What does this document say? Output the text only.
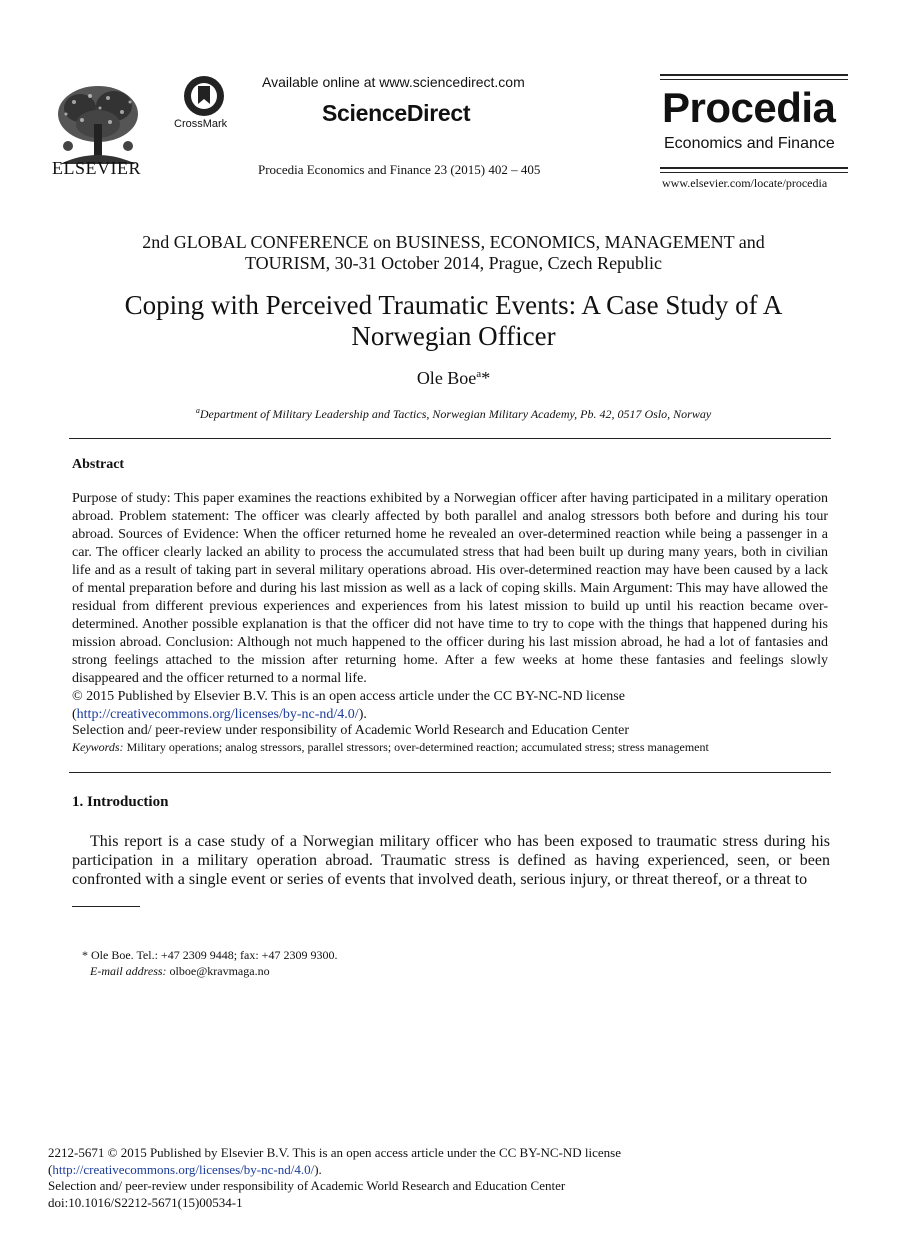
ELSEVIER
CrossMark
Available online at www.sciencedirect.com
ScienceDirect
Procedia Economics and Finance 23 (2015) 402 – 405
Procedia
Economics and Finance
www.elsevier.com/locate/procedia
2nd GLOBAL CONFERENCE on BUSINESS, ECONOMICS, MANAGEMENT and
TOURISM, 30-31 October 2014, Prague, Czech Republic
Coping with Perceived Traumatic Events: A Case Study of A
Norwegian Officer
Ole Boe$^a$*
$^a$Department of Military Leadership and Tactics, Norwegian Military Academy, Pb. 42, 0517 Oslo, Norway
Abstract
Purpose of study: This paper examines the reactions exhibited by a Norwegian officer after having participated in a military operation abroad. Problem statement: The officer was clearly affected by both parallel and analog stressors both before and during his tour abroad. Sources of Evidence: When the officer returned home he revealed an over-determined reaction while being a passenger in a car. The officer clearly lacked an ability to process the accumulated stress that had been built up during many years, both in civilian life and as a result of taking part in several military operations abroad. His over-determined reaction may have been caused by a lack of mental preparation before and during his last mission as well as a lack of coping skills. Main Argument: This may have allowed the residual from different previous experiences and experiences from his latest mission to build up until his reaction became over-determined. Another possible explanation is that the officer did not have time to try to cope with the things that happened during his mission abroad. Conclusion: Although not much happened to the officer during his last mission abroad, he had a lot of fantasies and strong feelings attached to the mission after returning home. After a few weeks at home these fantasies and feelings slowly disappeared and the officer returned to a normal life.
© 2015 Published by Elsevier B.V. This is an open access article under the CC BY-NC-ND license
(http://creativecommons.org/licenses/by-nc-nd/4.0/).
Selection and/ peer-review under responsibility of Academic World Research and Education Center
Keywords: Military operations; analog stressors, parallel stressors; over-determined reaction; accumulated stress; stress management
1. Introduction
This report is a case study of a Norwegian military officer who has been exposed to traumatic stress during his participation in a military operation abroad. Traumatic stress is defined as having experienced, seen, or been confronted with a single event or series of events that involved death, serious injury, or threat thereof, or a threat to
* Ole Boe. Tel.: +47 2309 9448; fax: +47 2309 9300.
E-mail address: olboe@kravmaga.no
2212-5671 © 2015 Published by Elsevier B.V. This is an open access article under the CC BY-NC-ND license
(http://creativecommons.org/licenses/by-nc-nd/4.0/).
Selection and/ peer-review under responsibility of Academic World Research and Education Center
doi:10.1016/S2212-5671(15)00534-1
